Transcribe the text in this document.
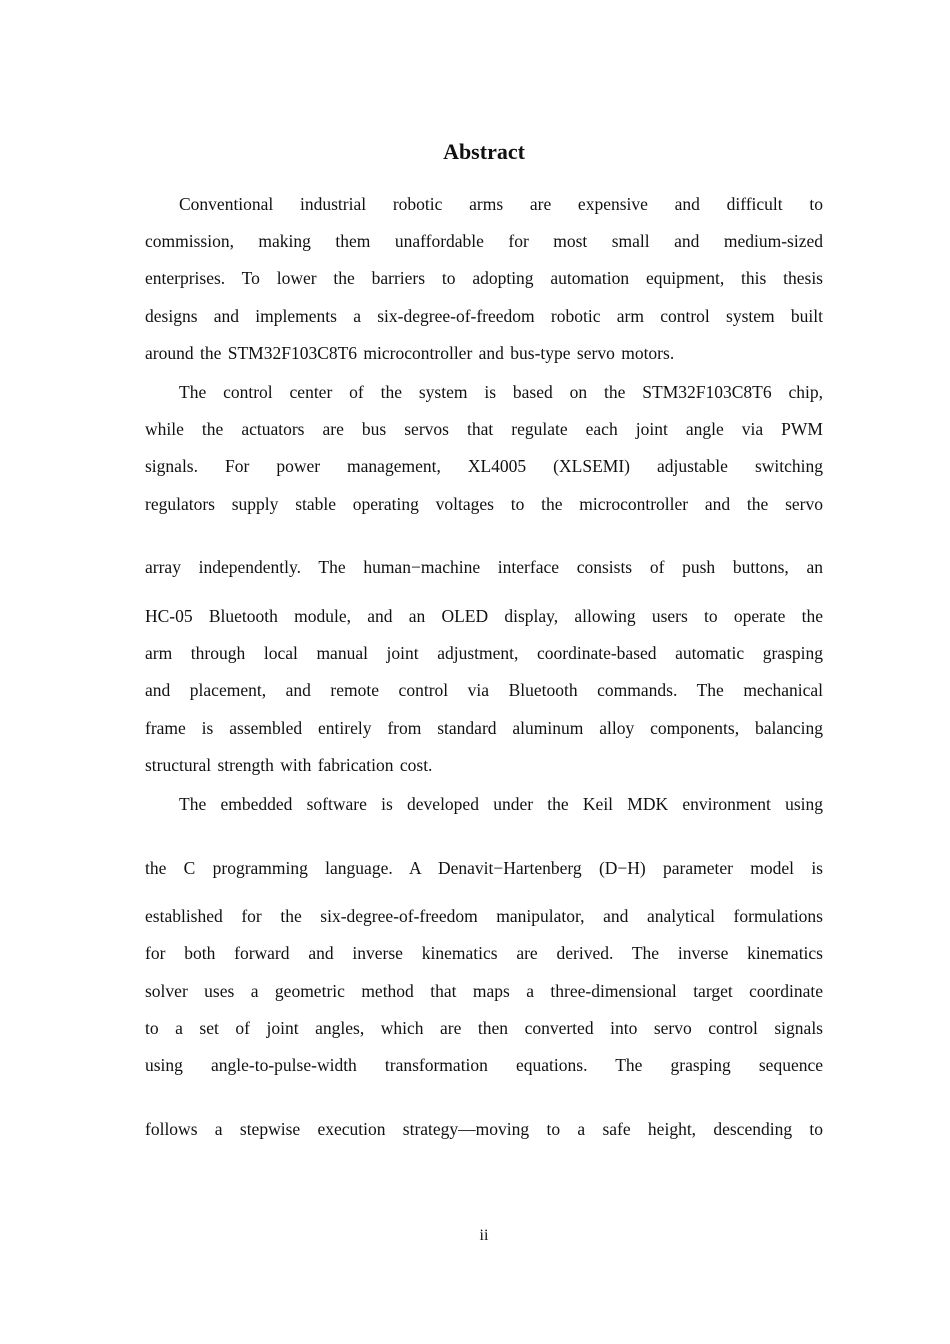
Abstract
Conventional industrial robotic arms are expensive and difficult to
commission, making them unaffordable for most small and medium-sized
enterprises. To lower the barriers to adopting automation equipment, this thesis
designs and implements a six-degree-of-freedom robotic arm control system built
around the STM32F103C8T6 microcontroller and bus-type servo motors.
The control center of the system is based on the STM32F103C8T6 chip,
while the actuators are bus servos that regulate each joint angle via PWM
signals. For power management, XL4005 (XLSEMI) adjustable switching
regulators supply stable operating voltages to the microcontroller and the servo
array independently. The human−machine interface consists of push buttons, an
HC-05 Bluetooth module, and an OLED display, allowing users to operate the
arm through local manual joint adjustment, coordinate-based automatic grasping
and placement, and remote control via Bluetooth commands. The mechanical
frame is assembled entirely from standard aluminum alloy components, balancing
structural strength with fabrication cost.
The embedded software is developed under the Keil MDK environment using
the C programming language. A Denavit−Hartenberg (D−H) parameter model is
established for the six-degree-of-freedom manipulator, and analytical formulations
for both forward and inverse kinematics are derived. The inverse kinematics
solver uses a geometric method that maps a three-dimensional target coordinate
to a set of joint angles, which are then converted into servo control signals
using angle-to-pulse-width transformation equations. The grasping sequence
follows a stepwise execution strategy—moving to a safe height, descending to
ii
